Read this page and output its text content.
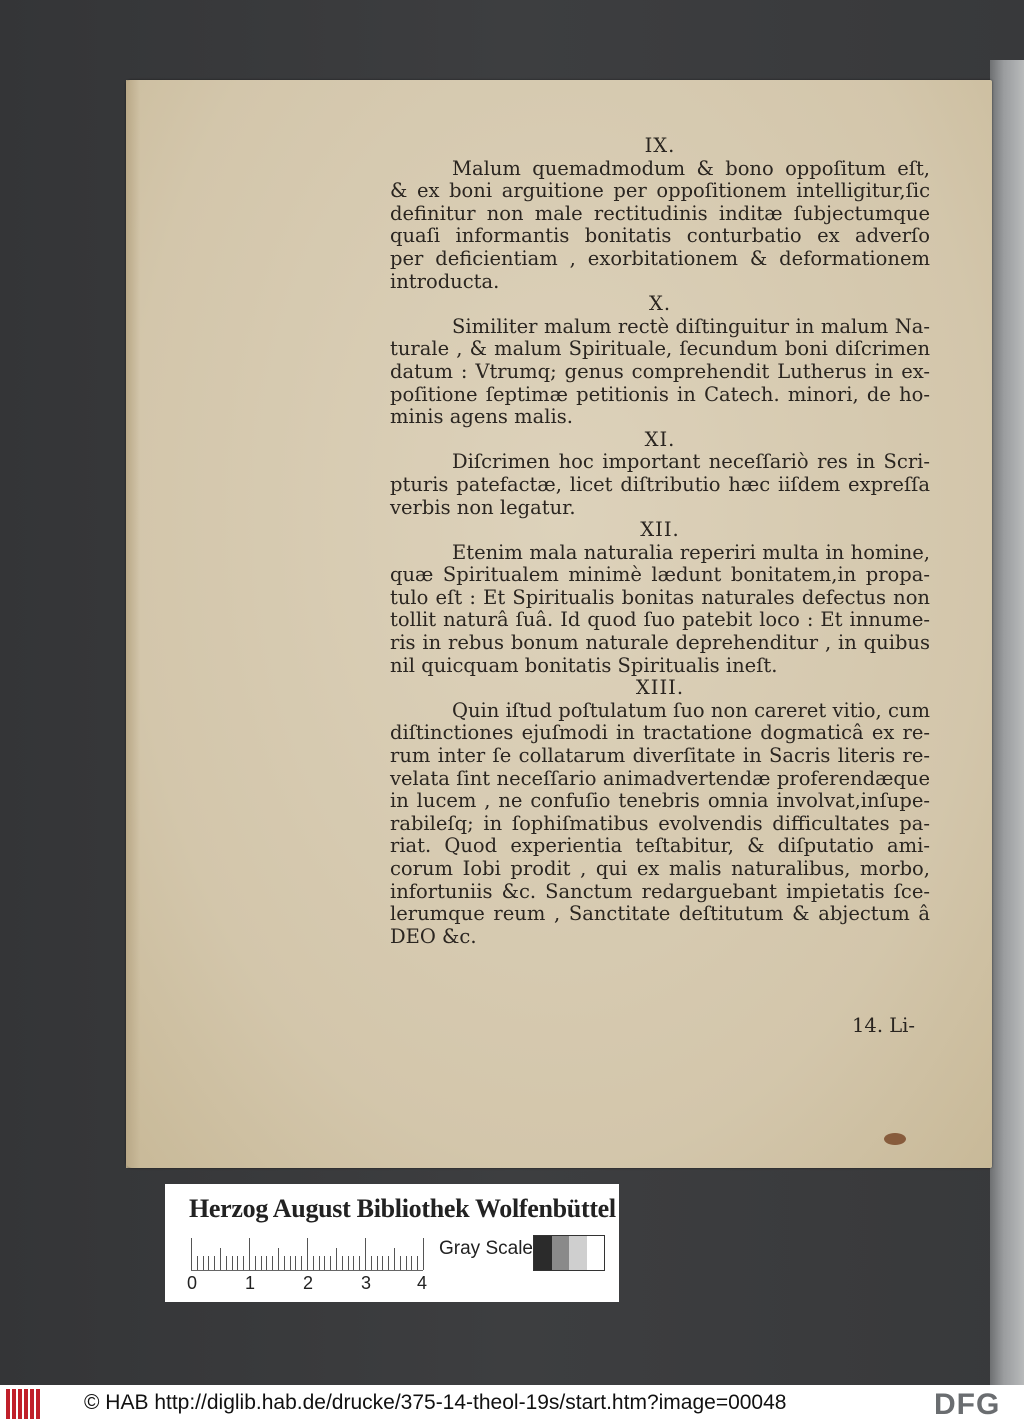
IX.

Malum quemadmodum & bono oppoſitum eſt,
& ex boni arguitione per oppoſitionem intelligitur,ſic
definitur non male rectitudinis inditæ ſubjectumque
quaſi informantis bonitatis conturbatio ex adverſo
per deficientiam , exorbitationem & deformationem
introducta.

X.

Similiter malum rectè diſtinguitur in malum Na-
turale , & malum Spirituale, ſecundum boni diſcrimen
datum : Vtrumq; genus comprehendit Lutherus in ex-
poſitione ſeptimæ petitionis in Catech. minori, de ho-
minis agens malis.

XI.

Diſcrimen hoc important neceſſariò res in Scri-
pturis patefactæ, licet diſtributio hæc iiſdem expreſſa
verbis non legatur.

XII.

Etenim mala naturalia reperiri multa in homine,
quæ Spiritualem minimè lædunt bonitatem,in propa-
tulo eſt : Et Spiritualis bonitas naturales defectus non
tollit naturâ ſuâ. Id quod ſuo patebit loco : Et innume-
ris in rebus bonum naturale deprehenditur , in quibus
nil quicquam bonitatis Spiritualis ineſt.

XIII.

Quin iſtud poſtulatum ſuo non careret vitio, cum
diſtinctiones ejuſmodi in tractatione dogmaticâ ex re-
rum inter ſe collatarum diverſitate in Sacris literis re-
velata ſint neceſſario animadvertendæ proferendæque
in lucem , ne confuſio tenebris omnia involvat,inſupe-
rabileſq; in ſophiſmatibus evolvendis difficultates pa-
riat. Quod experientia teſtabitur, & diſputatio ami-
corum Iobi prodit , qui ex malis naturalibus, morbo,
infortuniis &c. Sanctum redarguebant impietatis ſce-
lerumque reum , Sanctitate deſtitutum & abjectum â
DEO &c.
14. Li-
Herzog August Bibliothek Wolfenbüttel
0	1	2	3	4
Gray Scale
© HAB http://diglib.hab.de/drucke/375-14-theol-19s/start.htm?image=00048	DFG
